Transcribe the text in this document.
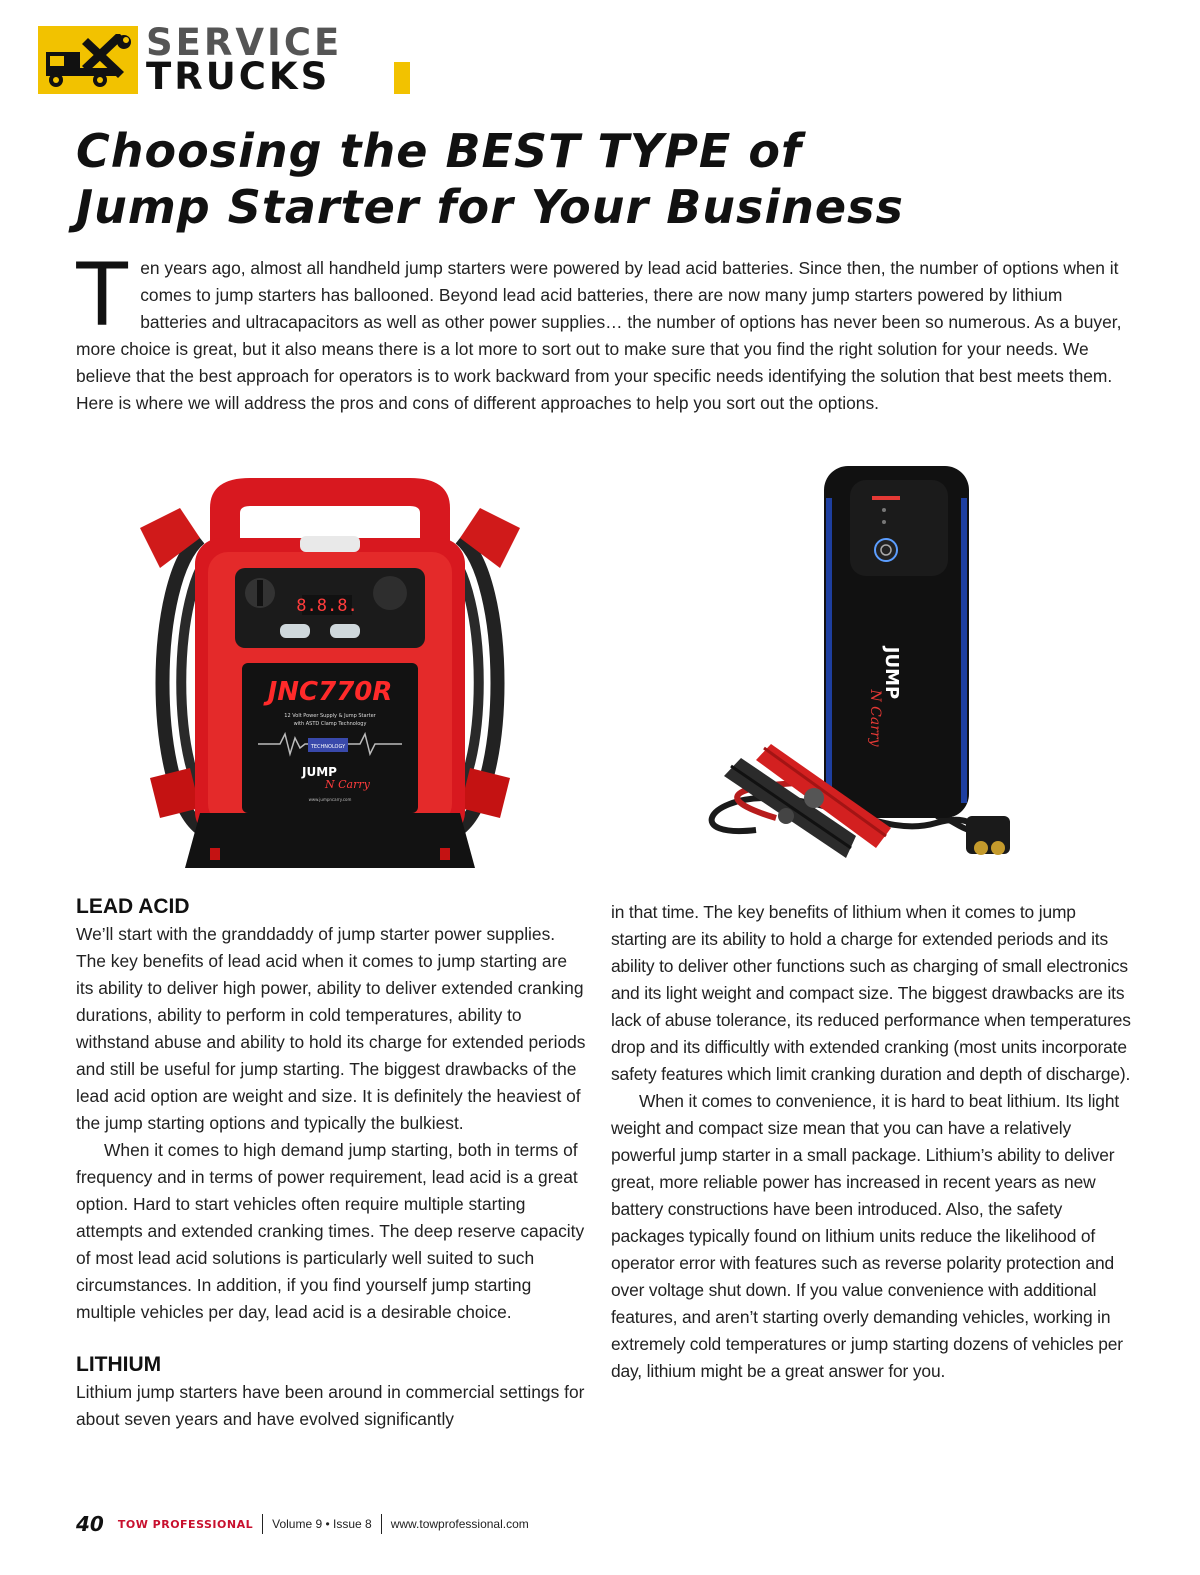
SERVICE
TRUCKS
Choosing the BEST TYPE of
Jump Starter for Your Business
T en years ago, almost all handheld jump starters were powered by lead acid batteries. Since then, the number of options when it comes to jump starters has ballooned. Beyond lead acid batteries, there are now many jump starters powered by lithium batteries and ultracapacitors as well as other power supplies… the number of options has never been so numerous. As a buyer, more choice is great, but it also means there is a lot more to sort out to make sure that you find the right solution for your needs. We believe that the best approach for operators is to work backward from your specific needs identifying the solution that best meets them. Here is where we will address the pros and cons of different approaches to help you sort out the options.
8.8.8.
JNC770R
12 Volt Power Supply & Jump Starter
with ASTD Clamp Technology
TECHNOLOGY
JUMP
N Carry
www.jumpncarry.com
JUMP
N Carry
LEAD ACID

We’ll start with the granddaddy of jump starter power supplies. The key benefits of lead acid when it comes to jump starting are its ability to deliver high power, ability to deliver extended cranking durations, ability to perform in cold temperatures, ability to withstand abuse and ability to hold its charge for extended periods and still be useful for jump starting. The biggest drawbacks of the lead acid option are weight and size. It is definitely the heaviest of the jump starting options and typically the bulkiest.

When it comes to high demand jump starting, both in terms of frequency and in terms of power requirement, lead acid is a great option. Hard to start vehicles often require multiple starting attempts and extended cranking times. The deep reserve capacity of most lead acid solutions is particularly well suited to such circumstances. In addition, if you find yourself jump starting multiple vehicles per day, lead acid is a desirable choice.

LITHIUM

Lithium jump starters have been around in commercial settings for about seven years and have evolved significantly

in that time. The key benefits of lithium when it comes to jump starting are its ability to hold a charge for extended periods and its ability to deliver other functions such as charging of small electronics and its light weight and compact size. The biggest drawbacks are its lack of abuse tolerance, its reduced performance when temperatures drop and its difficultly with extended cranking (most units incorporate safety features which limit cranking duration and depth of discharge).

When it comes to convenience, it is hard to beat lithium. Its light weight and compact size mean that you can have a relatively powerful jump starter in a small package. Lithium’s ability to deliver great, more reliable power has increased in recent years as new battery constructions have been introduced. Also, the safety packages typically found on lithium units reduce the likelihood of operator error with features such as reverse polarity protection and over voltage shut down. If you value convenience with additional features, and aren’t starting overly demanding vehicles, working in extremely cold temperatures or jump starting dozens of vehicles per day, lithium might be a great answer for you.

40 TOW PROFESSIONAL Volume 9 • Issue 8 www.towprofessional.com
